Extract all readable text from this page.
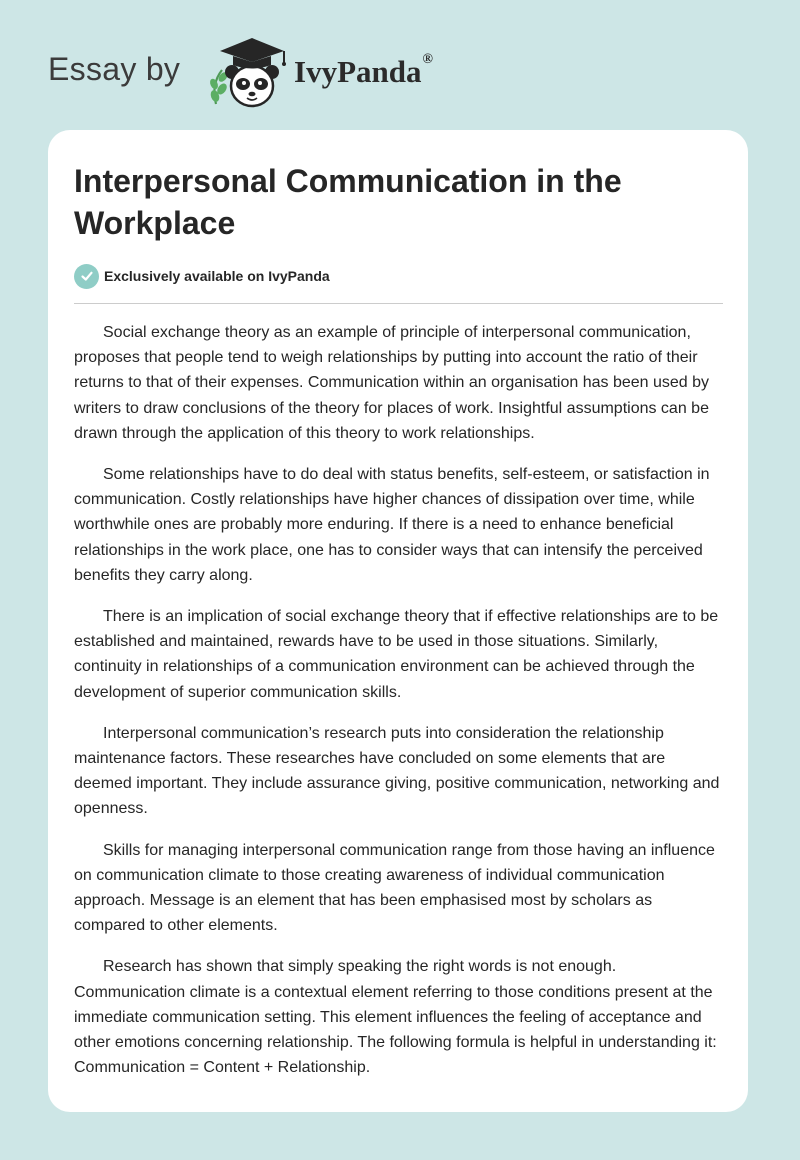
Essay by	IvyPanda®
Interpersonal Communication in the Workplace
Exclusively available on IvyPanda

Social exchange theory as an example of principle of interpersonal communication, proposes that people tend to weigh relationships by putting into account the ratio of their returns to that of their expenses. Communication within an organisation has been used by writers to draw conclusions of the theory for places of work. Insightful assumptions can be drawn through the application of this theory to work relationships.

Some relationships have to do deal with status benefits, self-esteem, or satisfaction in communication. Costly relationships have higher chances of dissipation over time, while worthwhile ones are probably more enduring. If there is a need to enhance beneficial relationships in the work place, one has to consider ways that can intensify the perceived benefits they carry along.

There is an implication of social exchange theory that if effective relationships are to be established and maintained, rewards have to be used in those situations. Similarly, continuity in relationships of a communication environment can be achieved through the development of superior communication skills.

Interpersonal communication’s research puts into consideration the relationship maintenance factors. These researches have concluded on some elements that are deemed important. They include assurance giving, positive communication, networking and openness.

Skills for managing interpersonal communication range from those having an influence on communication climate to those creating awareness of individual communication approach. Message is an element that has been emphasised most by scholars as compared to other elements.

Research has shown that simply speaking the right words is not enough. Communication climate is a contextual element referring to those conditions present at the immediate communication setting. This element influences the feeling of acceptance and other emotions concerning relationship. The following formula is helpful in understanding it: Communication = Content + Relationship.
